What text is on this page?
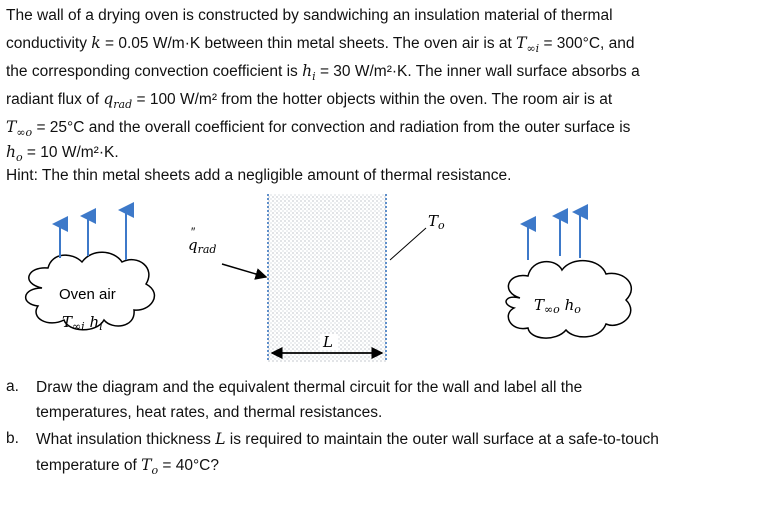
The wall of a drying oven is constructed by sandwiching an insulation material of thermal
conductivity k = 0.05 W/m·K between thin metal sheets. The oven air is at $T_{\infty i} = 300^\circ C$, and
the corresponding convection coefficient is $h_i = 30$ W/m²·K. The inner wall surface absorbs a
radiant flux of $q_{rad} = 100$ W/m² from the hotter objects within the oven. The room air is at
$T_{\infty o} = 25^\circ C$ and the overall coefficient for convection and radiation from the outer surface is
$h_o = 10$ W/m²·K.
Hint: The thin metal sheets add a negligible amount of thermal resistance.
Oven air
$T_{\infty i}$ $h_i$
$q_{rad}$
″
L
$T_o$
$T_{\infty o}$ $h_o$
a. Draw the diagram and the equivalent thermal circuit for the wall and label all the
temperatures, heat rates, and thermal resistances.
b. What insulation thickness L is required to maintain the outer wall surface at a safe-to-touch
temperature of $T_o = 40^\circ C$?
